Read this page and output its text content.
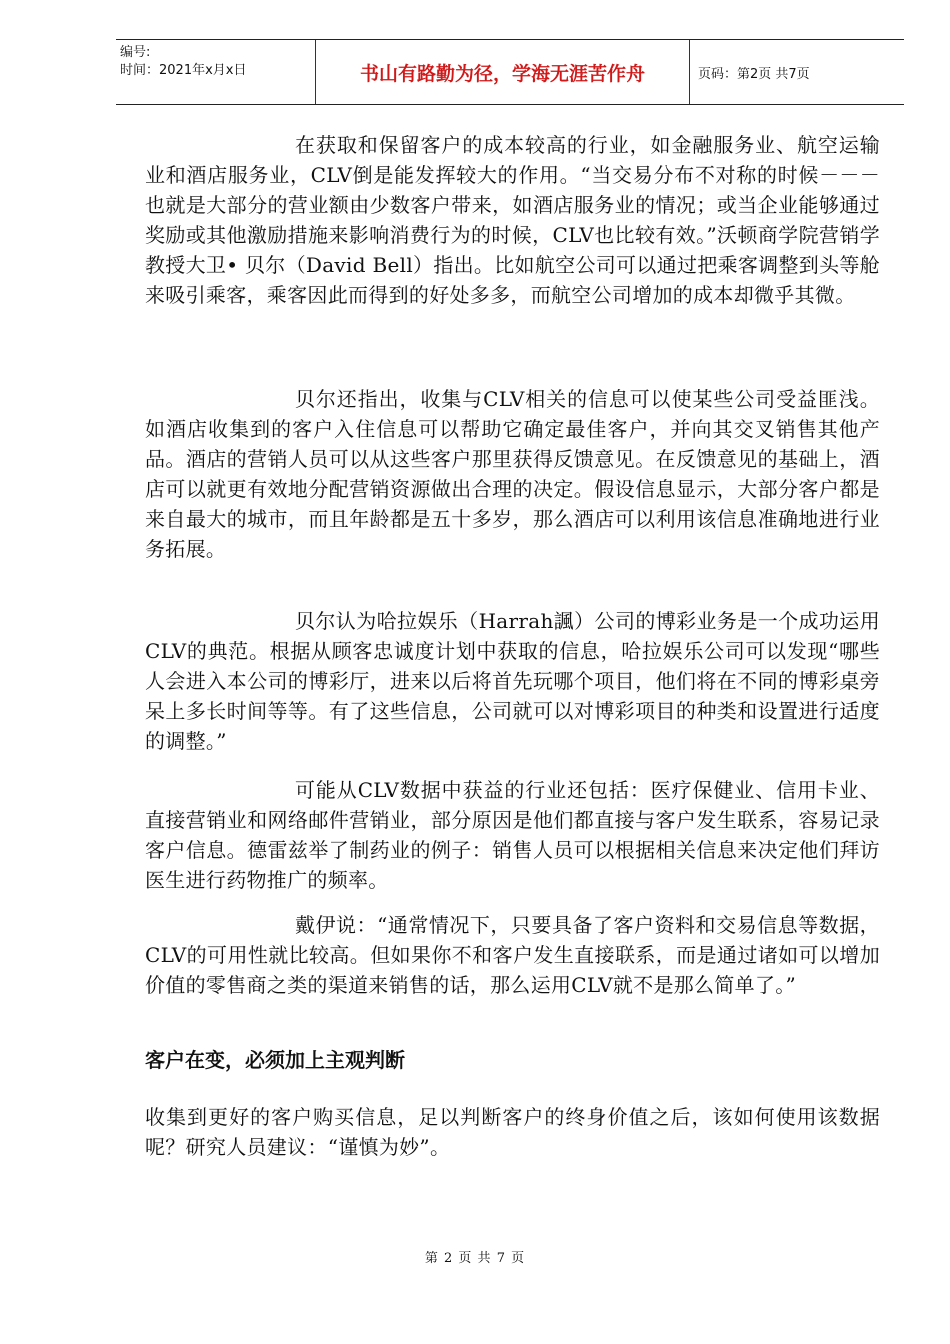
编号:
时间：2021年x月x日	书山有路勤为径，学海无涯苦作舟	页码：第2页 共7页

在获取和保留客户的成本较高的行业，如金融服务业、航空运输业和酒店服务业，CLV倒是能发挥较大的作用。“当交易分布不对称的时候－－－也就是大部分的营业额由少数客户带来，如酒店服务业的情况；或当企业能够通过奖励或其他激励措施来影响消费行为的时候，CLV也比较有效。”沃顿商学院营销学教授大卫• 贝尔（David Bell）指出。比如航空公司可以通过把乘客调整到头等舱来吸引乘客，乘客因此而得到的好处多多，而航空公司增加的成本却微乎其微。

贝尔还指出，收集与CLV相关的信息可以使某些公司受益匪浅。如酒店收集到的客户入住信息可以帮助它确定最佳客户，并向其交叉销售其他产品。酒店的营销人员可以从这些客户那里获得反馈意见。在反馈意见的基础上，酒店可以就更有效地分配营销资源做出合理的决定。假设信息显示，大部分客户都是来自最大的城市，而且年龄都是五十多岁，那么酒店可以利用该信息准确地进行业务拓展。

贝尔认为哈拉娱乐（Harrah諷）公司的博彩业务是一个成功运用CLV的典范。根据从顾客忠诚度计划中获取的信息，哈拉娱乐公司可以发现“哪些人会进入本公司的博彩厅，进来以后将首先玩哪个项目，他们将在不同的博彩桌旁呆上多长时间等等。有了这些信息，公司就可以对博彩项目的种类和设置进行适度的调整。”

可能从CLV数据中获益的行业还包括：医疗保健业、信用卡业、直接营销业和网络邮件营销业，部分原因是他们都直接与客户发生联系，容易记录客户信息。德雷兹举了制药业的例子：销售人员可以根据相关信息来决定他们拜访医生进行药物推广的频率。

戴伊说：“通常情况下，只要具备了客户资料和交易信息等数据，CLV的可用性就比较高。但如果你不和客户发生直接联系，而是通过诸如可以增加价值的零售商之类的渠道来销售的话，那么运用CLV就不是那么简单了。”

客户在变，必须加上主观判断

收集到更好的客户购买信息，足以判断客户的终身价值之后，该如何使用该数据呢？研究人员建议：“谨慎为妙”。

第 2 页 共 7 页
